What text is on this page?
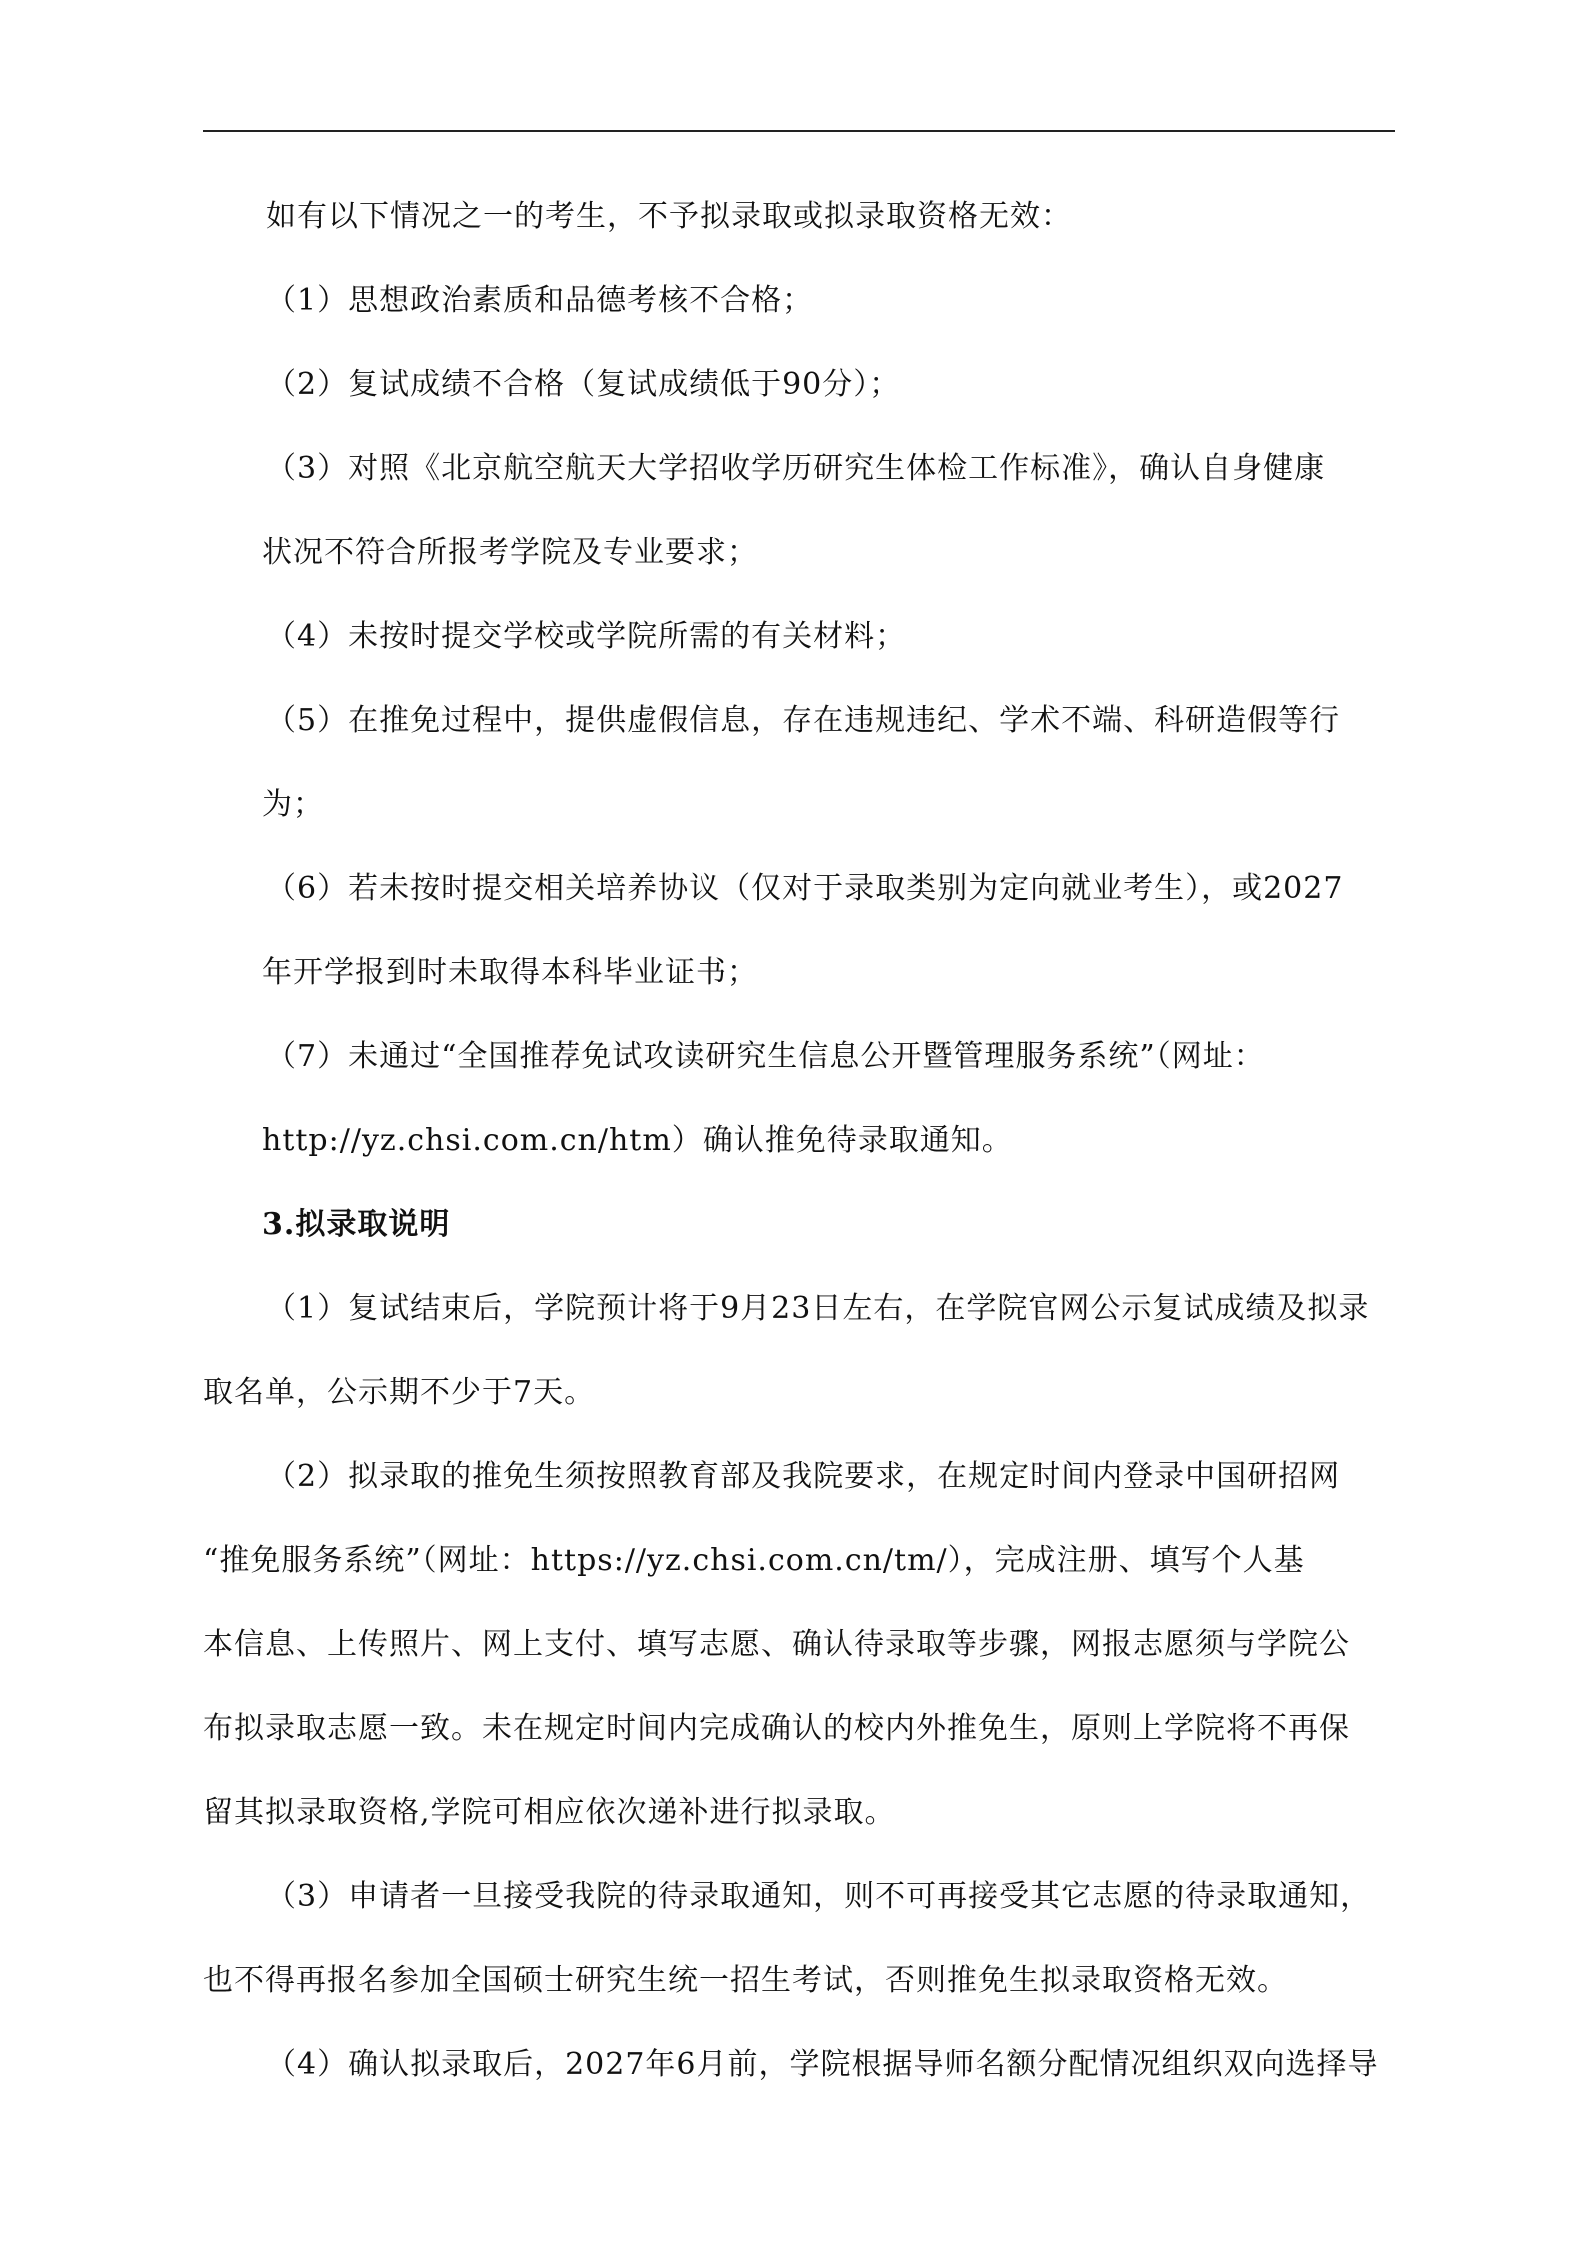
如有以下情况之一的考生，不予拟录取或拟录取资格无效：
（1）思想政治素质和品德考核不合格；
（2）复试成绩不合格（复试成绩低于90分）；
（3）对照《北京航空航天大学招收学历研究生体检工作标准》，确认自身健康
状况不符合所报考学院及专业要求；
（4）未按时提交学校或学院所需的有关材料；
（5）在推免过程中，提供虚假信息，存在违规违纪、学术不端、科研造假等行
为；
（6）若未按时提交相关培养协议（仅对于录取类别为定向就业考生），或2027
年开学报到时未取得本科毕业证书；
（7）未通过“全国推荐免试攻读研究生信息公开暨管理服务系统”（网址：
http://yz.chsi.com.cn/htm）确认推免待录取通知。
3.拟录取说明
（1）复试结束后，学院预计将于9月23日左右，在学院官网公示复试成绩及拟录
取名单，公示期不少于7天。
（2）拟录取的推免生须按照教育部及我院要求，在规定时间内登录中国研招网
“推免服务系统”（网址：https://yz.chsi.com.cn/tm/），完成注册、填写个人基
本信息、上传照片、网上支付、填写志愿、确认待录取等步骤，网报志愿须与学院公
布拟录取志愿一致。未在规定时间内完成确认的校内外推免生，原则上学院将不再保
留其拟录取资格,学院可相应依次递补进行拟录取。
（3）申请者一旦接受我院的待录取通知，则不可再接受其它志愿的待录取通知，
也不得再报名参加全国硕士研究生统一招生考试，否则推免生拟录取资格无效。
（4）确认拟录取后，2027年6月前，学院根据导师名额分配情况组织双向选择导
